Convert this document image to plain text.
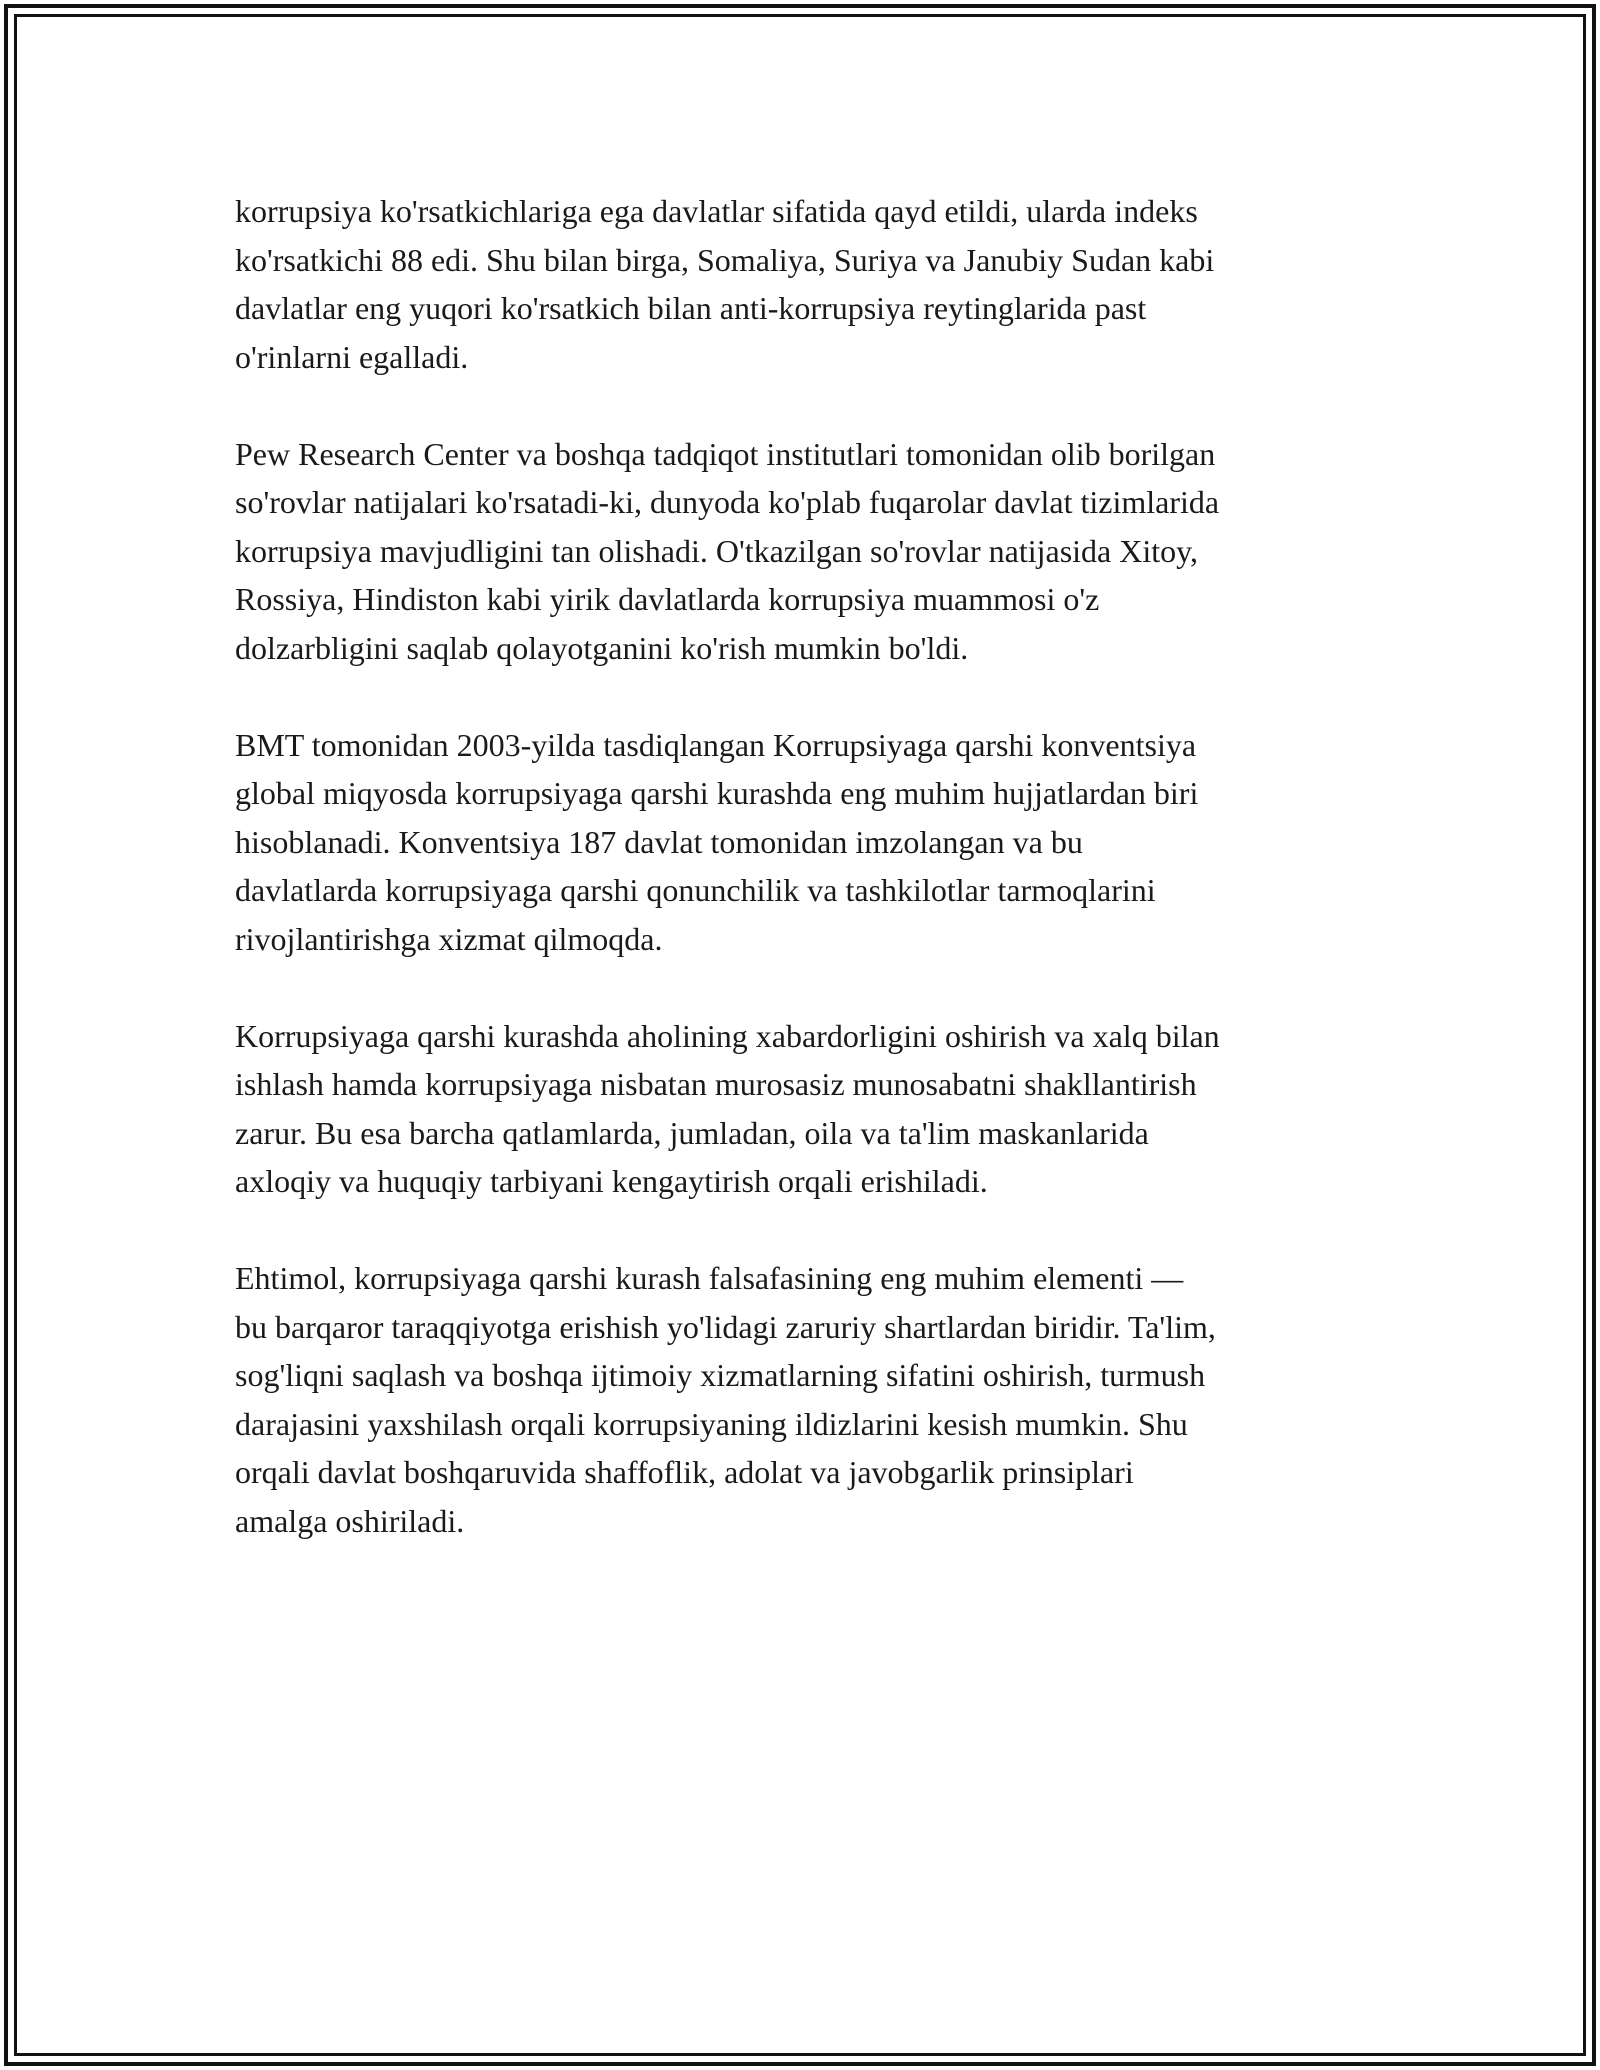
korrupsiya ko'rsatkichlariga ega davlatlar sifatida qayd etildi, ularda indeks
ko'rsatkichi 88 edi. Shu bilan birga, Somaliya, Suriya va Janubiy Sudan kabi
davlatlar eng yuqori ko'rsatkich bilan anti-korrupsiya reytinglarida past
o'rinlarni egalladi.

Pew Research Center va boshqa tadqiqot institutlari tomonidan olib borilgan
so'rovlar natijalari ko'rsatadi-ki, dunyoda ko'plab fuqarolar davlat tizimlarida
korrupsiya mavjudligini tan olishadi. O'tkazilgan so'rovlar natijasida Xitoy,
Rossiya, Hindiston kabi yirik davlatlarda korrupsiya muammosi o'z
dolzarbligini saqlab qolayotganini ko'rish mumkin bo'ldi.

BMT tomonidan 2003-yilda tasdiqlangan Korrupsiyaga qarshi konventsiya
global miqyosda korrupsiyaga qarshi kurashda eng muhim hujjatlardan biri
hisoblanadi. Konventsiya 187 davlat tomonidan imzolangan va bu
davlatlarda korrupsiyaga qarshi qonunchilik va tashkilotlar tarmoqlarini
rivojlantirishga xizmat qilmoqda.

Korrupsiyaga qarshi kurashda aholining xabardorligini oshirish va xalq bilan
ishlash hamda korrupsiyaga nisbatan murosasiz munosabatni shakllantirish
zarur. Bu esa barcha qatlamlarda, jumladan, oila va ta'lim maskanlarida
axloqiy va huquqiy tarbiyani kengaytirish orqali erishiladi.

Ehtimol, korrupsiyaga qarshi kurash falsafasining eng muhim elementi —
bu barqaror taraqqiyotga erishish yo'lidagi zaruriy shartlardan biridir. Ta'lim,
sog'liqni saqlash va boshqa ijtimoiy xizmatlarning sifatini oshirish, turmush
darajasini yaxshilash orqali korrupsiyaning ildizlarini kesish mumkin. Shu
orqali davlat boshqaruvida shaffoflik, adolat va javobgarlik prinsiplari
amalga oshiriladi.
